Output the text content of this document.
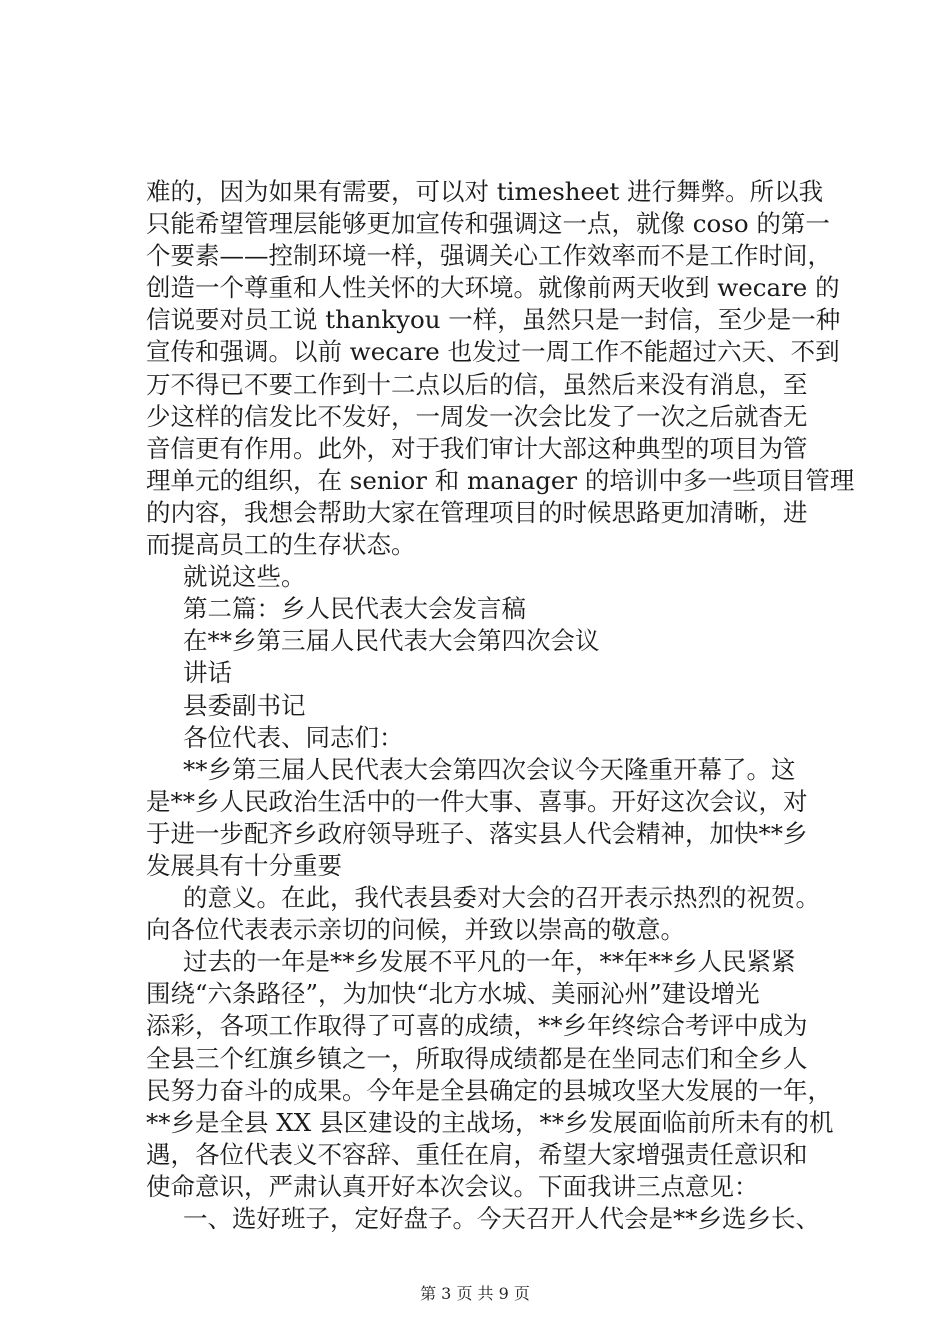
难的，因为如果有需要，可以对 timesheet 进行舞弊。所以我
只能希望管理层能够更加宣传和强调这一点，就像 coso 的第一
个要素——控制环境一样，强调关心工作效率而不是工作时间，
创造一个尊重和人性关怀的大环境。就像前两天收到 wecare 的
信说要对员工说 thankyou 一样，虽然只是一封信，至少是一种
宣传和强调。以前 wecare 也发过一周工作不能超过六天、不到
万不得已不要工作到十二点以后的信，虽然后来没有消息，至
少这样的信发比不发好，一周发一次会比发了一次之后就杳无
音信更有作用。此外，对于我们审计大部这种典型的项目为管
理单元的组织，在 senior 和 manager 的培训中多一些项目管理
的内容，我想会帮助大家在管理项目的时候思路更加清晰，进
而提高员工的生存状态。
就说这些。
第二篇：乡人民代表大会发言稿
在**乡第三届人民代表大会第四次会议
讲话
县委副书记
各位代表、同志们：
**乡第三届人民代表大会第四次会议今天隆重开幕了。这
是**乡人民政治生活中的一件大事、喜事。开好这次会议，对
于进一步配齐乡政府领导班子、落实县人代会精神，加快**乡
发展具有十分重要
的意义。在此，我代表县委对大会的召开表示热烈的祝贺。
向各位代表表示亲切的问候，并致以崇高的敬意。
过去的一年是**乡发展不平凡的一年，**年**乡人民紧紧
围绕“六条路径”，为加快“北方水城、美丽沁州”建设增光
添彩，各项工作取得了可喜的成绩，**乡年终综合考评中成为
全县三个红旗乡镇之一，所取得成绩都是在坐同志们和全乡人
民努力奋斗的成果。今年是全县确定的县城攻坚大发展的一年，
**乡是全县 XX 县区建设的主战场，**乡发展面临前所未有的机
遇，各位代表义不容辞、重任在肩，希望大家增强责任意识和
使命意识，严肃认真开好本次会议。下面我讲三点意见：
一、选好班子，定好盘子。今天召开人代会是**乡选乡长、
第 3 页 共 9 页
